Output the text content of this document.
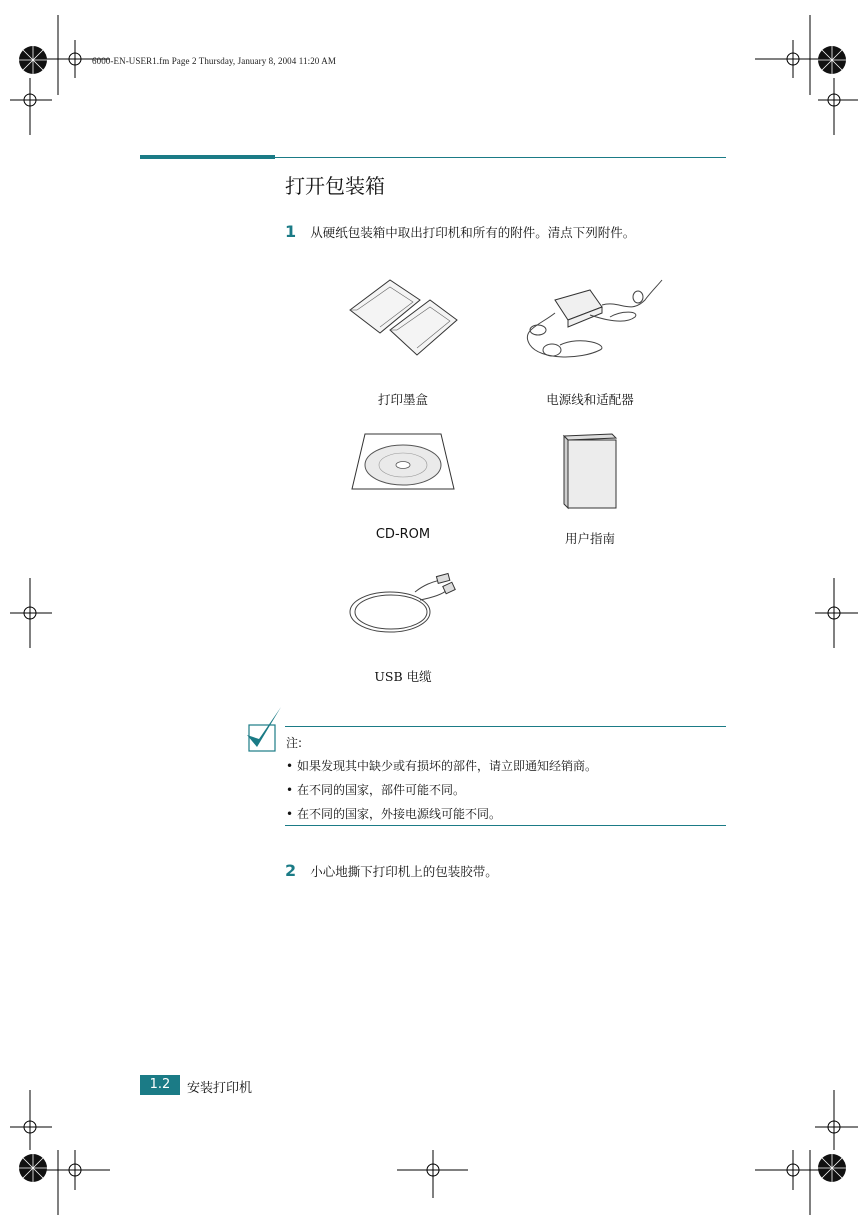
6000-EN-USER1.fm Page 2 Thursday, January 8, 2004 11:20 AM
打开包装箱
1 从硬纸包装箱中取出打印机和所有的附件。清点下列附件。
打印墨盒	电源线和适配器
CD-ROM	用户指南
USB 电缆
注:
• 如果发现其中缺少或有损坏的部件，请立即通知经销商。
• 在不同的国家，部件可能不同。
• 在不同的国家，外接电源线可能不同。
2 小心地撕下打印机上的包装胶带。
1.2	安装打印机
